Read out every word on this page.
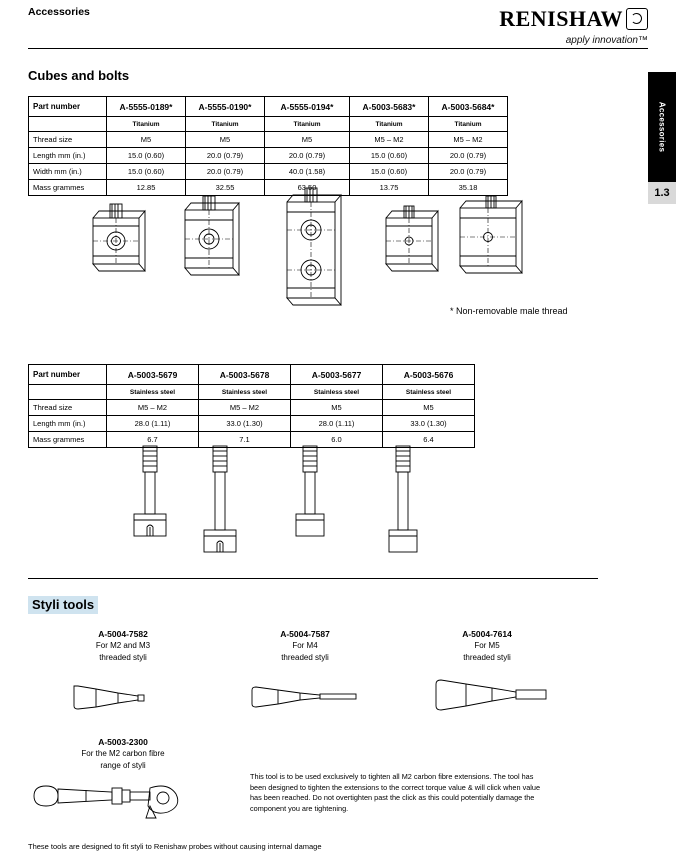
Accessories	RENISHAW
apply innovation™
Accessories
1.3
Cubes and bolts
Styli tools
Part number	A-5555-0189*	A-5555-0190*	A-5555-0194*	A-5003-5683*	A-5003-5684*
	Titanium	Titanium	Titanium	Titanium	Titanium
Thread size	M5	M5	M5	M5 – M2	M5 – M2
Length mm (in.)	15.0 (0.60)	20.0 (0.79)	20.0 (0.79)	15.0 (0.60)	20.0 (0.79)
Width mm (in.)	15.0 (0.60)	20.0 (0.79)	40.0 (1.58)	15.0 (0.60)	20.0 (0.79)
Mass grammes	12.85	32.55	63.50	13.75	35.18
Part number	A-5003-5679	A-5003-5678	A-5003-5677	A-5003-5676
	Stainless steel	Stainless steel	Stainless steel	Stainless steel
Thread size	M5 – M2	M5 – M2	M5	M5
Length mm (in.)	28.0 (1.11)	33.0 (1.30)	28.0 (1.11)	33.0 (1.30)
Mass grammes	6.7	7.1	6.0	6.4
* Non-removable male thread
This tool is to be used exclusively to tighten all M2 carbon fibre extensions. The tool has been designed to tighten the extensions to the correct torque value & will click when value has been reached. Do not overtighten past the click as this could potentially damage the component you are tightening.
These tools are designed to fit styli to Renishaw probes without causing internal damage
A-5004-7582
For M2 and M3
threaded styli
A-5004-7587
For M4
threaded styli
A-5004-7614
For M5
threaded styli
A-5003-2300
For the M2 carbon fibre
range of styli
